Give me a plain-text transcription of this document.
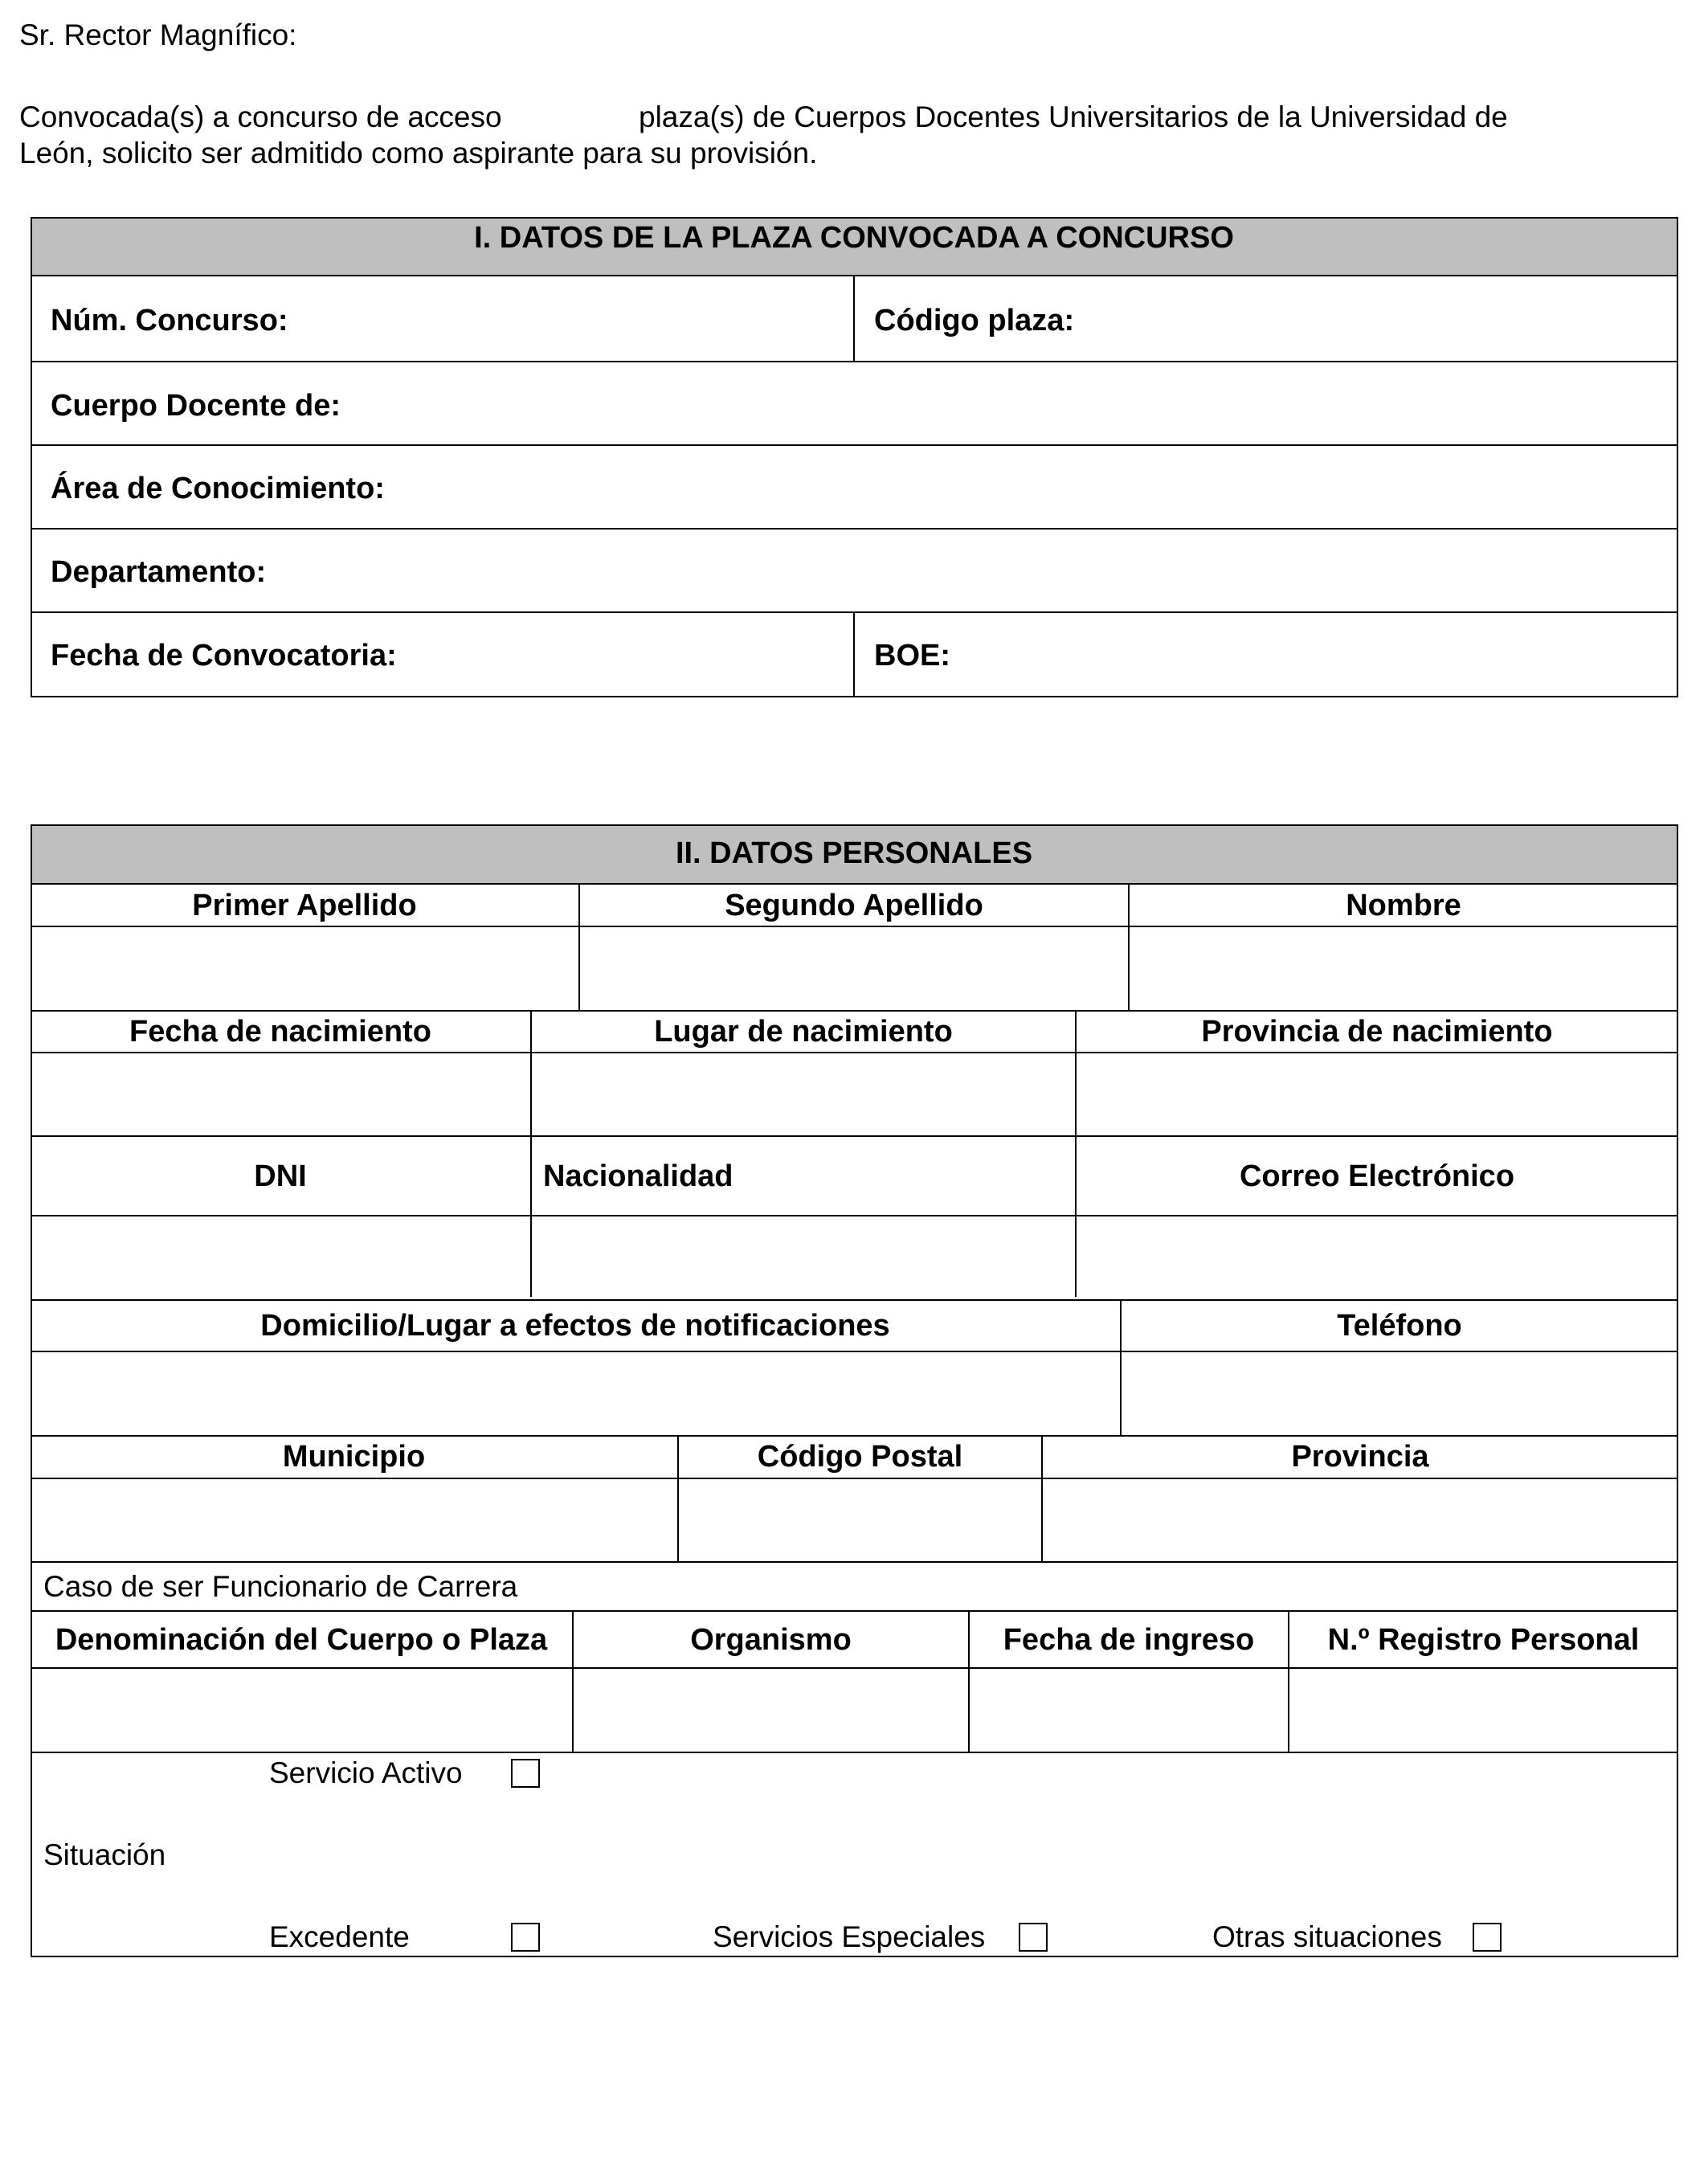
Sr. Rector Magnífico:
Convocada(s) a concurso de acceso	plaza(s) de Cuerpos Docentes Universitarios de la Universidad de
León, solicito ser admitido como aspirante para su provisión.
I. DATOS DE LA PLAZA CONVOCADA A CONCURSO
Núm. Concurso:	Código plaza:
Cuerpo Docente de:
Área de Conocimiento:
Departamento:
Fecha de Convocatoria:	BOE:
II. DATOS PERSONALES
Primer Apellido	Segundo Apellido	Nombre
Fecha de nacimiento	Lugar de nacimiento	Provincia de nacimiento
DNI	Nacionalidad	Correo Electrónico
Domicilio/Lugar a efectos de notificaciones	Teléfono
Municipio	Código Postal	Provincia
Caso de ser Funcionario de Carrera
Denominación del Cuerpo o Plaza	Organismo	Fecha de ingreso	N.º Registro Personal
Servicio Activo
Situación
Excedente	Servicios Especiales	Otras situaciones
